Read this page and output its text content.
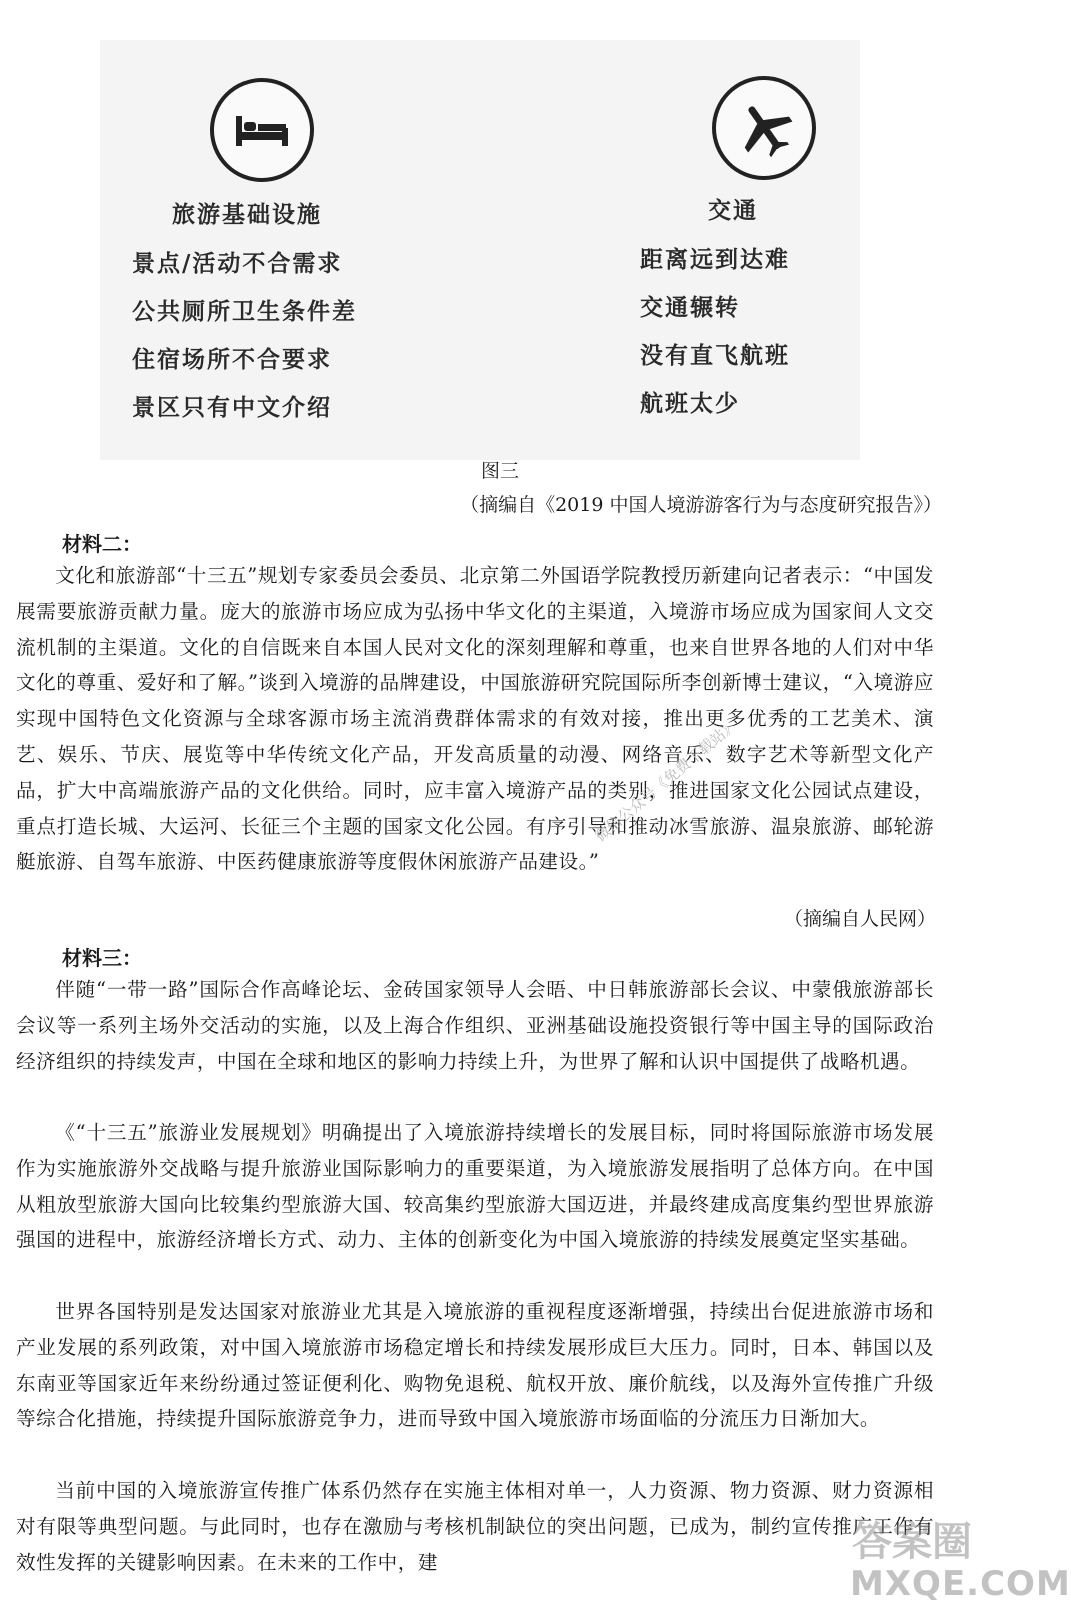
旅游基础设施
景点/活动不合需求
公共厕所卫生条件差
住宿场所不合要求
景区只有中文介绍
交通
距离远到达难
交通辗转
没有直飞航班
航班太少
图三
（摘编自《2019 中国人境游游客行为与态度研究报告》）
材料二：

文化和旅游部“十三五”规划专家委员会委员、北京第二外国语学院教授历新建向记者表示：“中国发展需要旅游贡献力量。庞大的旅游市场应成为弘扬中华文化的主渠道，入境游市场应成为国家间人文交流机制的主渠道。文化的自信既来自本国人民对文化的深刻理解和尊重，也来自世界各地的人们对中华文化的尊重、爱好和了解。”谈到入境游的品牌建设，中国旅游研究院国际所李创新博士建议，“入境游应实现中国特色文化资源与全球客源市场主流消费群体需求的有效对接，推出更多优秀的工艺美术、演艺、娱乐、节庆、展览等中华传统文化产品，开发高质量的动漫、网络音乐、数字艺术等新型文化产品，扩大中高端旅游产品的文化供给。同时，应丰富入境游产品的类别，推进国家文化公园试点建设，重点打造长城、大运河、长征三个主题的国家文化公园。有序引导和推动冰雪旅游、温泉旅游、邮轮游艇旅游、自驾车旅游、中医药健康旅游等度假休闲旅游产品建设。”

（摘编自人民网）
材料三：

伴随“一带一路”国际合作高峰论坛、金砖国家领导人会晤、中日韩旅游部长会议、中蒙俄旅游部长会议等一系列主场外交活动的实施，以及上海合作组织、亚洲基础设施投资银行等中国主导的国际政治经济组织的持续发声，中国在全球和地区的影响力持续上升，为世界了解和认识中国提供了战略机遇。

《“十三五”旅游业发展规划》明确提出了入境旅游持续增长的发展目标，同时将国际旅游市场发展作为实施旅游外交战略与提升旅游业国际影响力的重要渠道，为入境旅游发展指明了总体方向。在中国从粗放型旅游大国向比较集约型旅游大国、较高集约型旅游大国迈进，并最终建成高度集约型世界旅游强国的进程中，旅游经济增长方式、动力、主体的创新变化为中国入境旅游的持续发展奠定坚实基础。

世界各国特别是发达国家对旅游业尤其是入境旅游的重视程度逐渐增强，持续出台促进旅游市场和产业发展的系列政策，对中国入境旅游市场稳定增长和持续发展形成巨大压力。同时，日本、韩国以及东南亚等国家近年来纷纷通过签证便利化、购物免退税、航权开放、廉价航线，以及海外宣传推广升级等综合化措施，持续提升国际旅游竞争力，进而导致中国入境旅游市场面临的分流压力日渐加大。

当前中国的入境旅游宣传推广体系仍然存在实施主体相对单一，人力资源、物力资源、财力资源相对有限等典型问题。与此同时，也存在激励与考核机制缺位的突出问题，已成为，制约宣传推广工作有效性发挥的关键影响因素。在未来的工作中，建

微信公众号《免费下载站》
答案圈
MXQE.COM
